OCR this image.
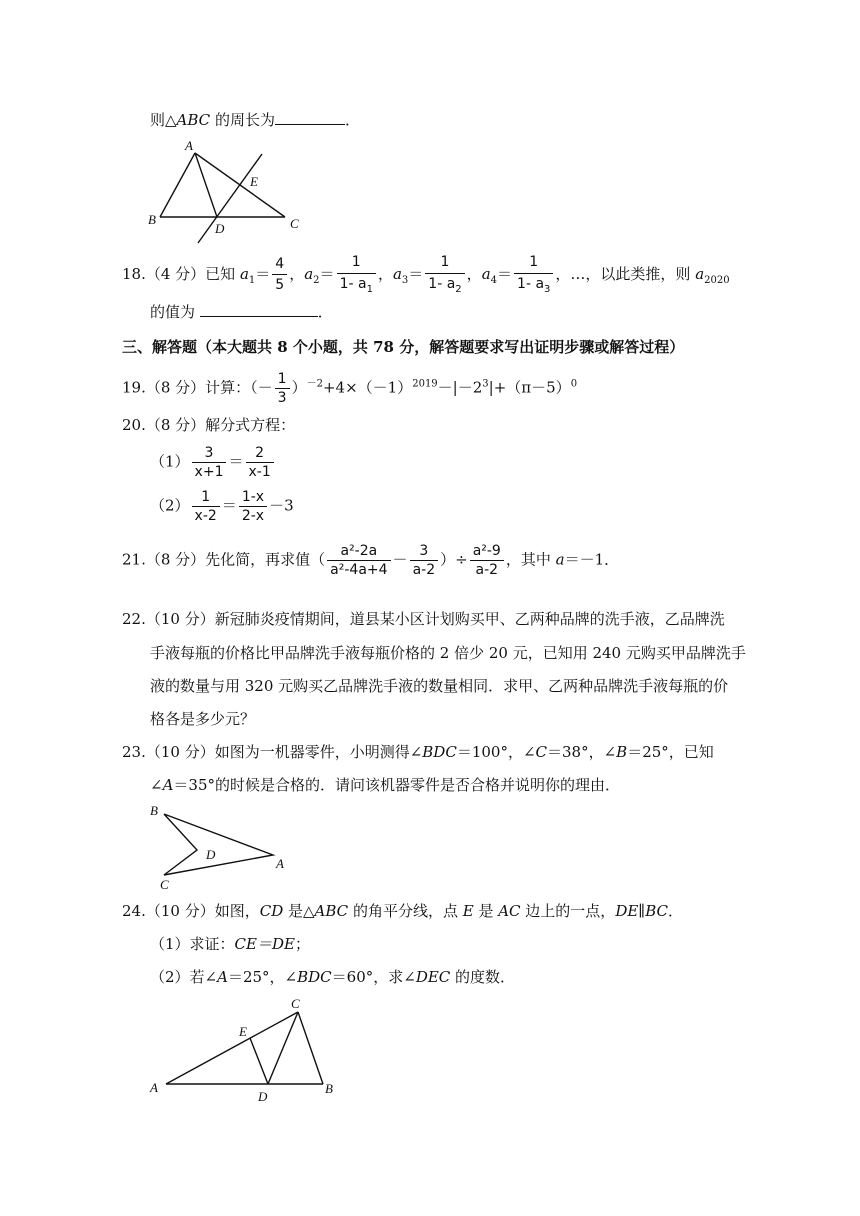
则△ABC 的周长为	．
A
B	C
D
E
18.（4 分）已知 $a_1= \frac{4}{5}$ ，$a_2= \frac{1}{1- a_1}$ ，$a_3= \frac{1}{1- a_2}$ ，$a_4= \frac{1}{1- a_3}$ ，…，以此类推，则 $a_{2020}$
的值为	．
三、解答题（本大题共 8 个小题，共 78 分，解答题要求写出证明步骤或解答过程）
19.（8 分）计算：（－ $\frac{1}{3} )^{-2}+4\times(-1)^{2019}-|-2^3|+(\pi-5)^0$
20.（8 分）解分式方程：
$(1) \frac{3}{x+1} = \frac{2}{x-1}$
$(2) \frac{1}{x-2} = \frac{1-x}{2-x} -3$
21.（8 分）先化简，再求值（ $\frac{\text{a²-2a}}{\text{a²-4a+4}} - \frac{3}{a-2}$ ）÷ $\frac{\text{a²-9}}{a-2}$ ，其中 a＝－1．
22.（10 分）新冠肺炎疫情期间，道县某小区计划购买甲、乙两种品牌的洗手液，乙品牌洗
手液每瓶的价格比甲品牌洗手液每瓶价格的 2 倍少 20 元，已知用 240 元购买甲品牌洗手
液的数量与用 320 元购买乙品牌洗手液的数量相同．求甲、乙两种品牌洗手液每瓶的价
格各是多少元？
23.（10 分）如图为一机器零件，小明测得∠BDC＝100°，∠C＝38°，∠B＝25°，已知
∠A＝35°的时候是合格的．请问该机器零件是否合格并说明你的理由．
B
A
C
D
24.（10 分）如图，CD 是△ABC 的角平分线，点 E 是 AC 边上的一点，DE∥BC．
（1）求证：CE＝DE；
（2）若∠A＝25°，∠BDC＝60°，求∠DEC 的度数．
A	B
C
D
E
